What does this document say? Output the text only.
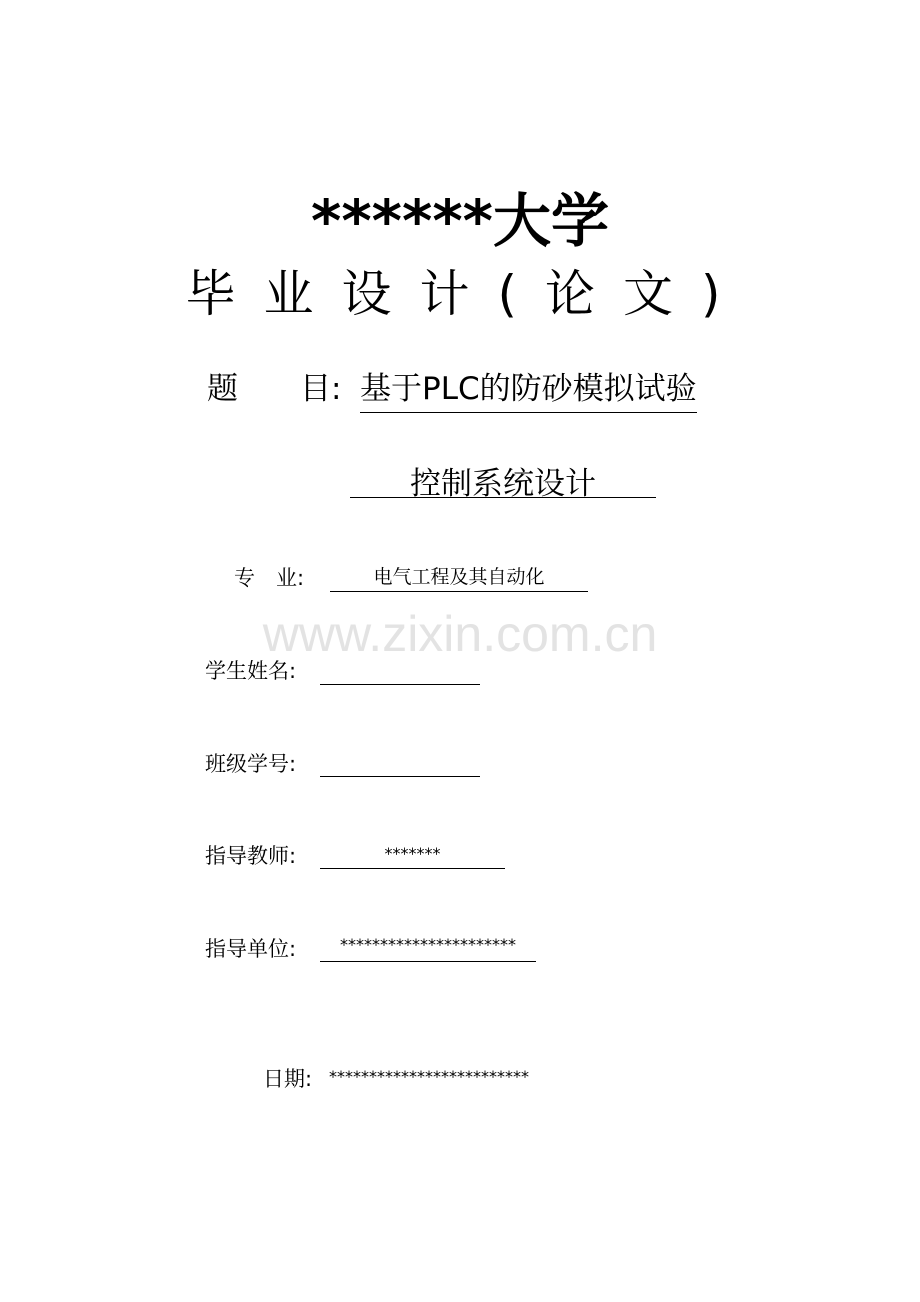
******大学
毕业设计(论文)
题　　目: 基于PLC的防砂模拟试验
控制系统设计
专　业:	电气工程及其自动化
www.zixin.com.cn
学生姓名:
班级学号:
指导教师:	*******
指导单位:	**********************
日期: *************************
